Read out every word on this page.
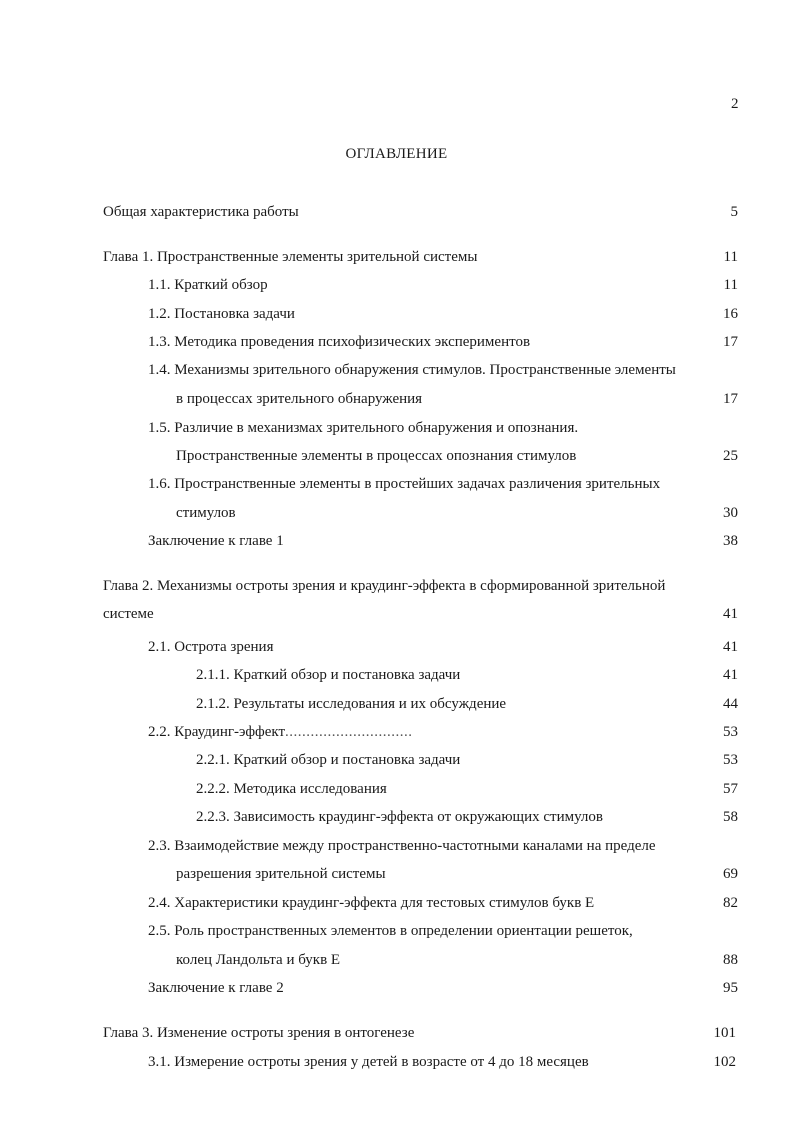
2
ОГЛАВЛЕНИЕ
Общая характеристика работы	5
Глава 1. Пространственные элементы зрительной системы	11
1.1. Краткий обзор	11
1.2. Постановка задачи	16
1.3. Методика проведения психофизических экспериментов	17
1.4. Механизмы зрительного обнаружения стимулов. Пространственные элементы
в процессах зрительного обнаружения	17
1.5. Различие в механизмах зрительного обнаружения и опознания.
Пространственные элементы в процессах опознания стимулов	25
1.6. Пространственные элементы в простейших задачах различения зрительных
стимулов	30
Заключение к главе 1	38
Глава 2. Механизмы остроты зрения и краудинг-эффекта в сформированной зрительной
системе	41
2.1. Острота зрения	41
2.1.1. Краткий обзор и постановка задачи	41
2.1.2. Результаты исследования и их обсуждение	44
2.2. Краудинг-эффект..............................	53
2.2.1. Краткий обзор и постановка задачи	53
2.2.2. Методика исследования	57
2.2.3. Зависимость краудинг-эффекта от окружающих стимулов	58
2.3. Взаимодействие между пространственно-частотными каналами на пределе
разрешения зрительной системы	69
2.4. Характеристики краудинг-эффекта для тестовых стимулов букв Е	82
2.5. Роль пространственных элементов в определении ориентации решеток,
колец Ландольта и букв Е	88
Заключение к главе 2	95
Глава 3. Изменение остроты зрения в онтогенезе	101
3.1. Измерение остроты зрения у детей в возрасте от 4 до 18 месяцев	102
